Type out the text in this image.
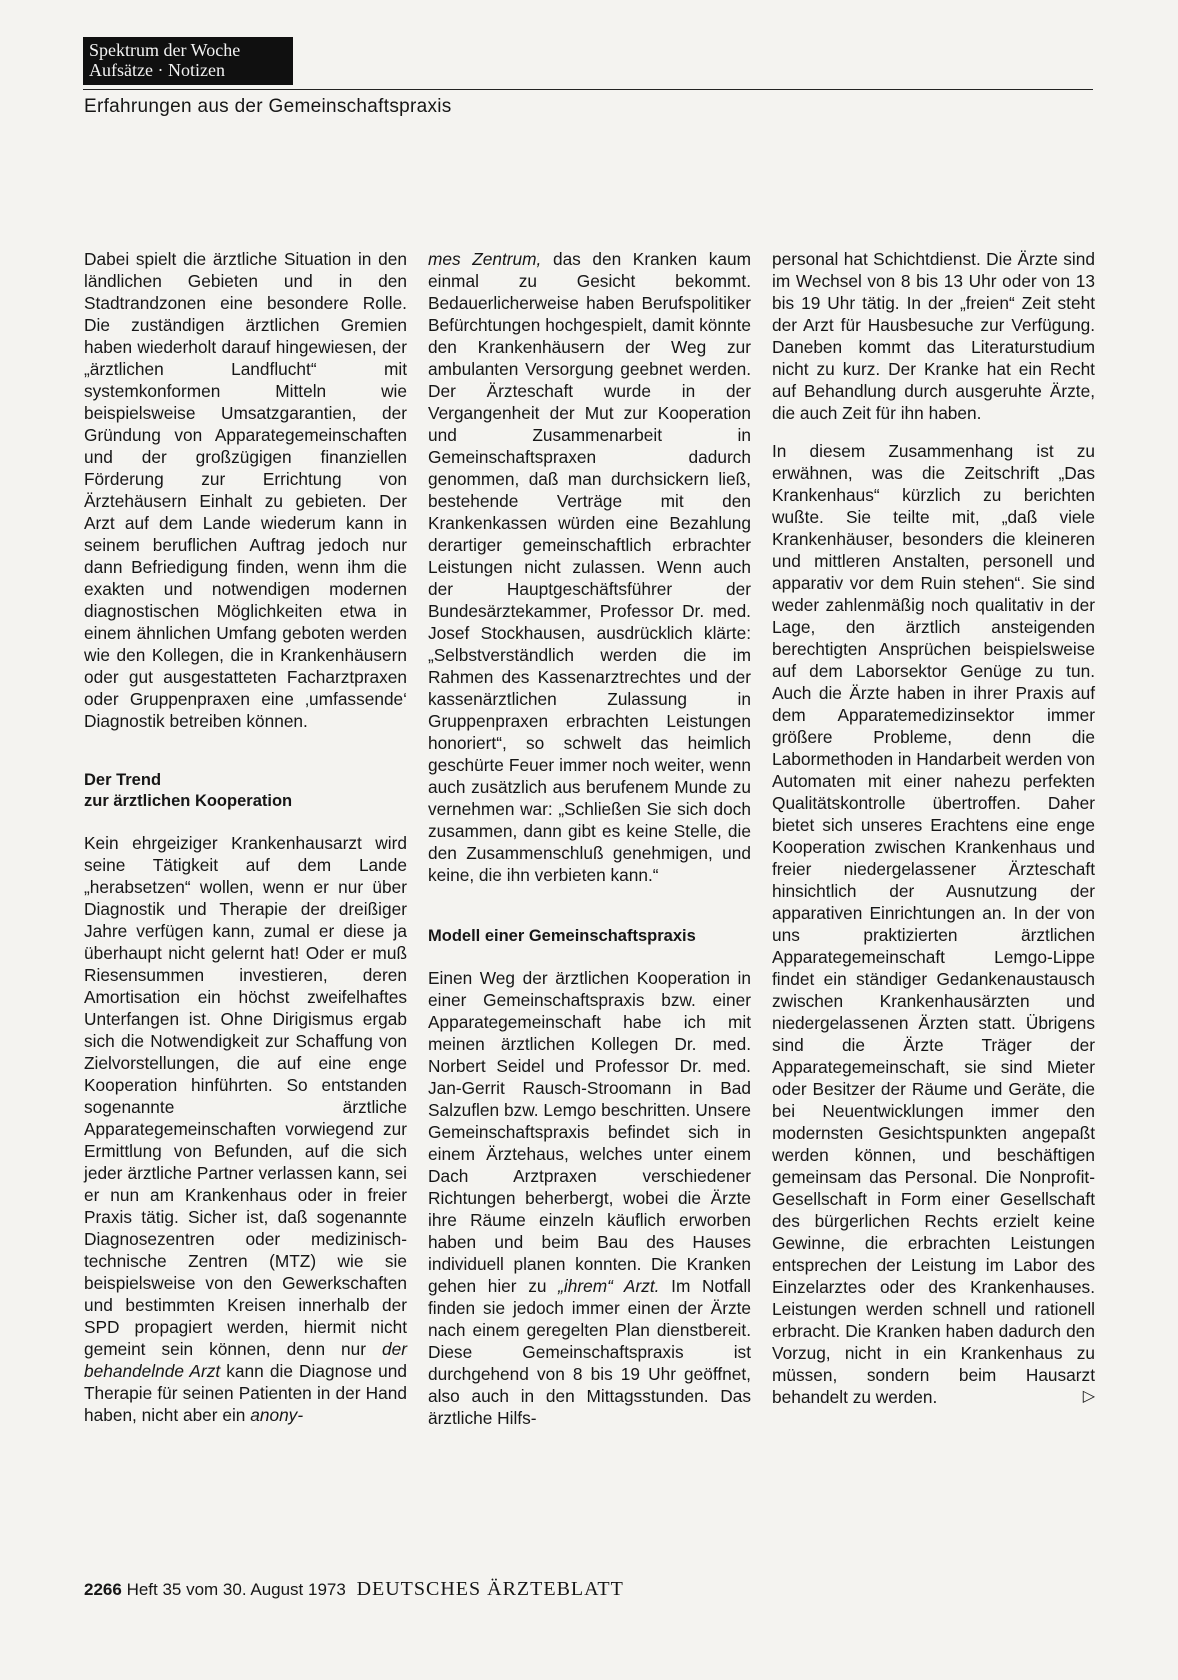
Spektrum der Woche
Aufsätze · Notizen
Erfahrungen aus der Gemeinschaftspraxis

Dabei spielt die ärztliche Situation in den ländlichen Gebieten und in den Stadtrandzonen eine besondere Rolle. Die zuständigen ärztlichen Gremien haben wiederholt darauf hingewiesen, der „ärztlichen Landflucht“ mit systemkonformen Mitteln wie beispielsweise Umsatzgarantien, der Gründung von Apparategemeinschaften und der großzügigen finanziellen Förderung zur Errichtung von Ärztehäusern Einhalt zu gebieten. Der Arzt auf dem Lande wiederum kann in seinem beruflichen Auftrag jedoch nur dann Befriedigung finden, wenn ihm die exakten und notwendigen modernen diagnostischen Möglichkeiten etwa in einem ähnlichen Umfang geboten werden wie den Kollegen, die in Krankenhäusern oder gut ausgestatteten Facharztpraxen oder Gruppenpraxen eine ‚umfassende‘ Diagnostik betreiben können.

Der Trend
zur ärztlichen Kooperation

Kein ehrgeiziger Krankenhausarzt wird seine Tätigkeit auf dem Lande „herabsetzen“ wollen, wenn er nur über Diagnostik und Therapie der dreißiger Jahre verfügen kann, zumal er diese ja überhaupt nicht gelernt hat! Oder er muß Riesensummen investieren, deren Amortisation ein höchst zweifelhaftes Unterfangen ist. Ohne Dirigismus ergab sich die Notwendigkeit zur Schaffung von Zielvorstellungen, die auf eine enge Kooperation hinführten. So entstanden sogenannte ärztliche Apparategemeinschaften vorwiegend zur Ermittlung von Befunden, auf die sich jeder ärztliche Partner verlassen kann, sei er nun am Krankenhaus oder in freier Praxis tätig. Sicher ist, daß sogenannte Diagnosezentren oder medizinisch-technische Zentren (MTZ) wie sie beispielsweise von den Gewerkschaften und bestimmten Kreisen innerhalb der SPD propagiert werden, hiermit nicht gemeint sein können, denn nur der behandelnde Arzt kann die Diagnose und Therapie für seinen Patienten in der Hand haben, nicht aber ein anony-

mes Zentrum, das den Kranken kaum einmal zu Gesicht bekommt. Bedauerlicherweise haben Berufspolitiker Befürchtungen hochgespielt, damit könnte den Krankenhäusern der Weg zur ambulanten Versorgung geebnet werden. Der Ärzteschaft wurde in der Vergangenheit der Mut zur Kooperation und Zusammenarbeit in Gemeinschaftspraxen dadurch genommen, daß man durchsickern ließ, bestehende Verträge mit den Krankenkassen würden eine Bezahlung derartiger gemeinschaftlich erbrachter Leistungen nicht zulassen. Wenn auch der Hauptgeschäftsführer der Bundesärztekammer, Professor Dr. med. Josef Stockhausen, ausdrücklich klärte: „Selbstverständlich werden die im Rahmen des Kassenarztrechtes und der kassenärztlichen Zulassung in Gruppenpraxen erbrachten Leistungen honoriert“, so schwelt das heimlich geschürte Feuer immer noch weiter, wenn auch zusätzlich aus berufenem Munde zu vernehmen war: „Schließen Sie sich doch zusammen, dann gibt es keine Stelle, die den Zusammenschluß genehmigen, und keine, die ihn verbieten kann.“

Modell einer Gemeinschaftspraxis

Einen Weg der ärztlichen Kooperation in einer Gemeinschaftspraxis bzw. einer Apparategemeinschaft habe ich mit meinen ärztlichen Kollegen Dr. med. Norbert Seidel und Professor Dr. med. Jan-Gerrit Rausch-Stroomann in Bad Salzuflen bzw. Lemgo beschritten. Unsere Gemeinschaftspraxis befindet sich in einem Ärztehaus, welches unter einem Dach Arztpraxen verschiedener Richtungen beherbergt, wobei die Ärzte ihre Räume einzeln käuflich erworben haben und beim Bau des Hauses individuell planen konnten. Die Kranken gehen hier zu „ihrem“ Arzt. Im Notfall finden sie jedoch immer einen der Ärzte nach einem geregelten Plan dienstbereit. Diese Gemeinschaftspraxis ist durchgehend von 8 bis 19 Uhr geöffnet, also auch in den Mittagsstunden. Das ärztliche Hilfs-

personal hat Schichtdienst. Die Ärzte sind im Wechsel von 8 bis 13 Uhr oder von 13 bis 19 Uhr tätig. In der „freien“ Zeit steht der Arzt für Hausbesuche zur Verfügung. Daneben kommt das Literaturstudium nicht zu kurz. Der Kranke hat ein Recht auf Behandlung durch ausgeruhte Ärzte, die auch Zeit für ihn haben.

In diesem Zusammenhang ist zu erwähnen, was die Zeitschrift „Das Krankenhaus“ kürzlich zu berichten wußte. Sie teilte mit, „daß viele Krankenhäuser, besonders die kleineren und mittleren Anstalten, personell und apparativ vor dem Ruin stehen“. Sie sind weder zahlenmäßig noch qualitativ in der Lage, den ärztlich ansteigenden berechtigten Ansprüchen beispielsweise auf dem Laborsektor Genüge zu tun. Auch die Ärzte haben in ihrer Praxis auf dem Apparatemedizinsektor immer größere Probleme, denn die Labormethoden in Handarbeit werden von Automaten mit einer nahezu perfekten Qualitätskontrolle übertroffen. Daher bietet sich unseres Erachtens eine enge Kooperation zwischen Krankenhaus und freier niedergelassener Ärzteschaft hinsichtlich der Ausnutzung der apparativen Einrichtungen an. In der von uns praktizierten ärztlichen Apparategemeinschaft Lemgo-Lippe findet ein ständiger Gedankenaustausch zwischen Krankenhausärzten und niedergelassenen Ärzten statt. Übrigens sind die Ärzte Träger der Apparategemeinschaft, sie sind Mieter oder Besitzer der Räume und Geräte, die bei Neuentwicklungen immer den modernsten Gesichtspunkten angepaßt werden können, und beschäftigen gemeinsam das Personal. Die Nonprofit-Gesellschaft in Form einer Gesellschaft des bürgerlichen Rechts erzielt keine Gewinne, die erbrachten Leistungen entsprechen der Leistung im Labor des Einzelarztes oder des Krankenhauses. Leistungen werden schnell und rationell erbracht. Die Kranken haben dadurch den Vorzug, nicht in ein Krankenhaus zu müssen, sondern beim Hausarzt behandelt zu werden.	▷

2266 Heft 35 vom 30. August 1973 DEUTSCHES ÄRZTEBLATT
